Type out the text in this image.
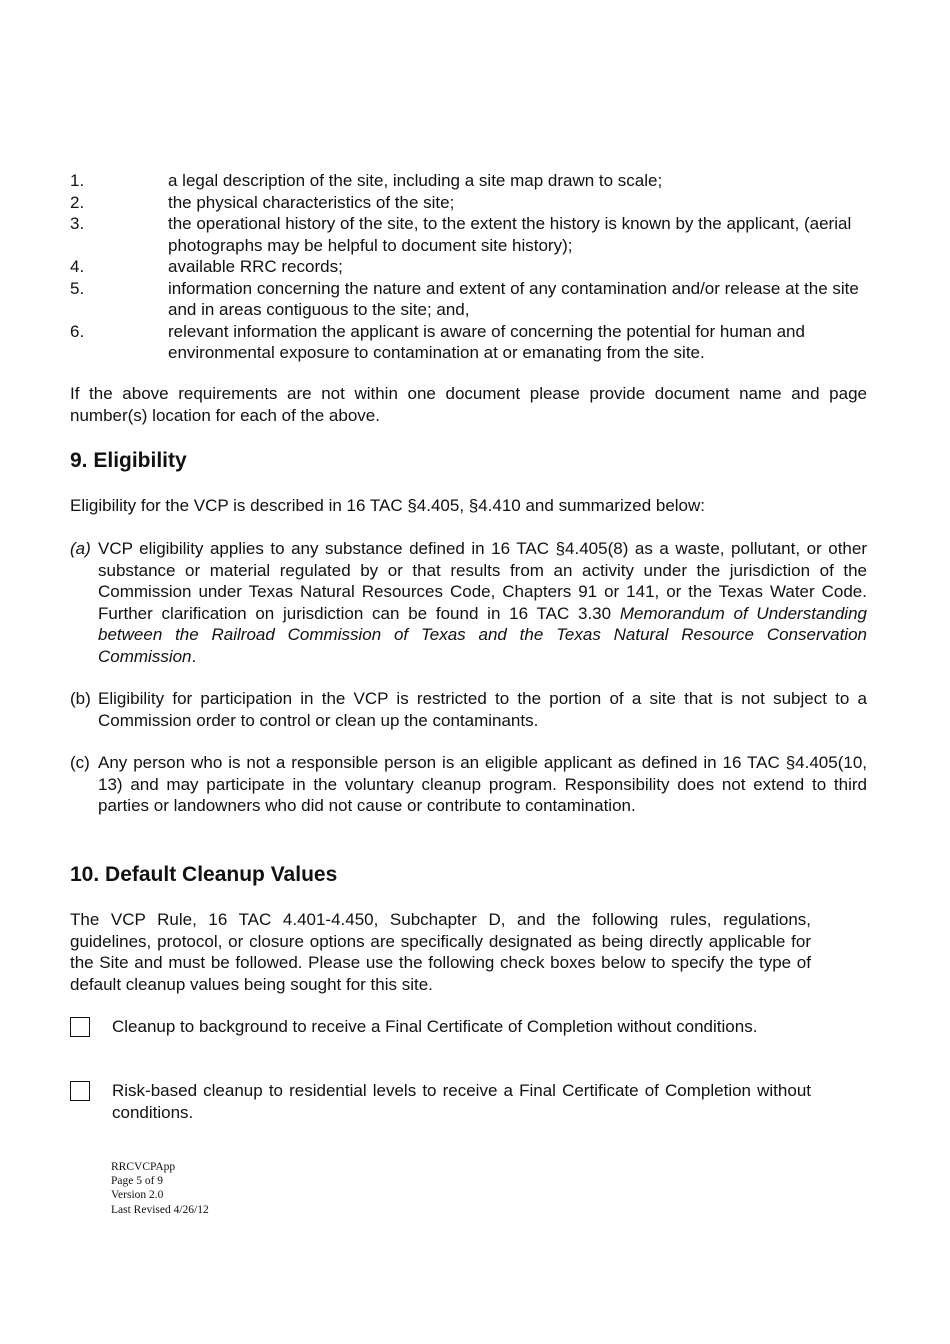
1.	a legal description of the site, including a site map drawn to scale;
2.	the physical characteristics of the site;
3.	the operational history of the site, to the extent the history is known by the applicant, (aerial photographs may be helpful to document site history);
4.	available RRC records;
5.	information concerning the nature and extent of any contamination and/or release at the site and in areas contiguous to the site; and,
6.	relevant information the applicant is aware of concerning the potential for human and environmental exposure to contamination at or emanating from the site.

If the above requirements are not within one document please provide document name and page number(s) location for each of the above.

9. Eligibility

Eligibility for the VCP is described in 16 TAC §4.405, §4.410 and summarized below:

(a) VCP eligibility applies to any substance defined in 16 TAC §4.405(8) as a waste, pollutant, or other substance or material regulated by or that results from an activity under the jurisdiction of the Commission under Texas Natural Resources Code, Chapters 91 or 141, or the Texas Water Code. Further clarification on jurisdiction can be found in 16 TAC 3.30 Memorandum of Understanding between the Railroad Commission of Texas and the Texas Natural Resource Conservation Commission.
(b) Eligibility for participation in the VCP is restricted to the portion of a site that is not subject to a Commission order to control or clean up the contaminants.
(c) Any person who is not a responsible person is an eligible applicant as defined in 16 TAC §4.405(10, 13) and may participate in the voluntary cleanup program. Responsibility does not extend to third parties or landowners who did not cause or contribute to contamination.
10. Default Cleanup Values

The VCP Rule, 16 TAC 4.401-4.450, Subchapter D, and the following rules, regulations, guidelines, protocol, or closure options are specifically designated as being directly applicable for the Site and must be followed. Please use the following check boxes below to specify the type of default cleanup values being sought for this site.

Cleanup to background to receive a Final Certificate of Completion without conditions.
Risk-based cleanup to residential levels to receive a Final Certificate of Completion without conditions.
RRCVCPApp
Page 5 of 9
Version 2.0
Last Revised 4/26/12
